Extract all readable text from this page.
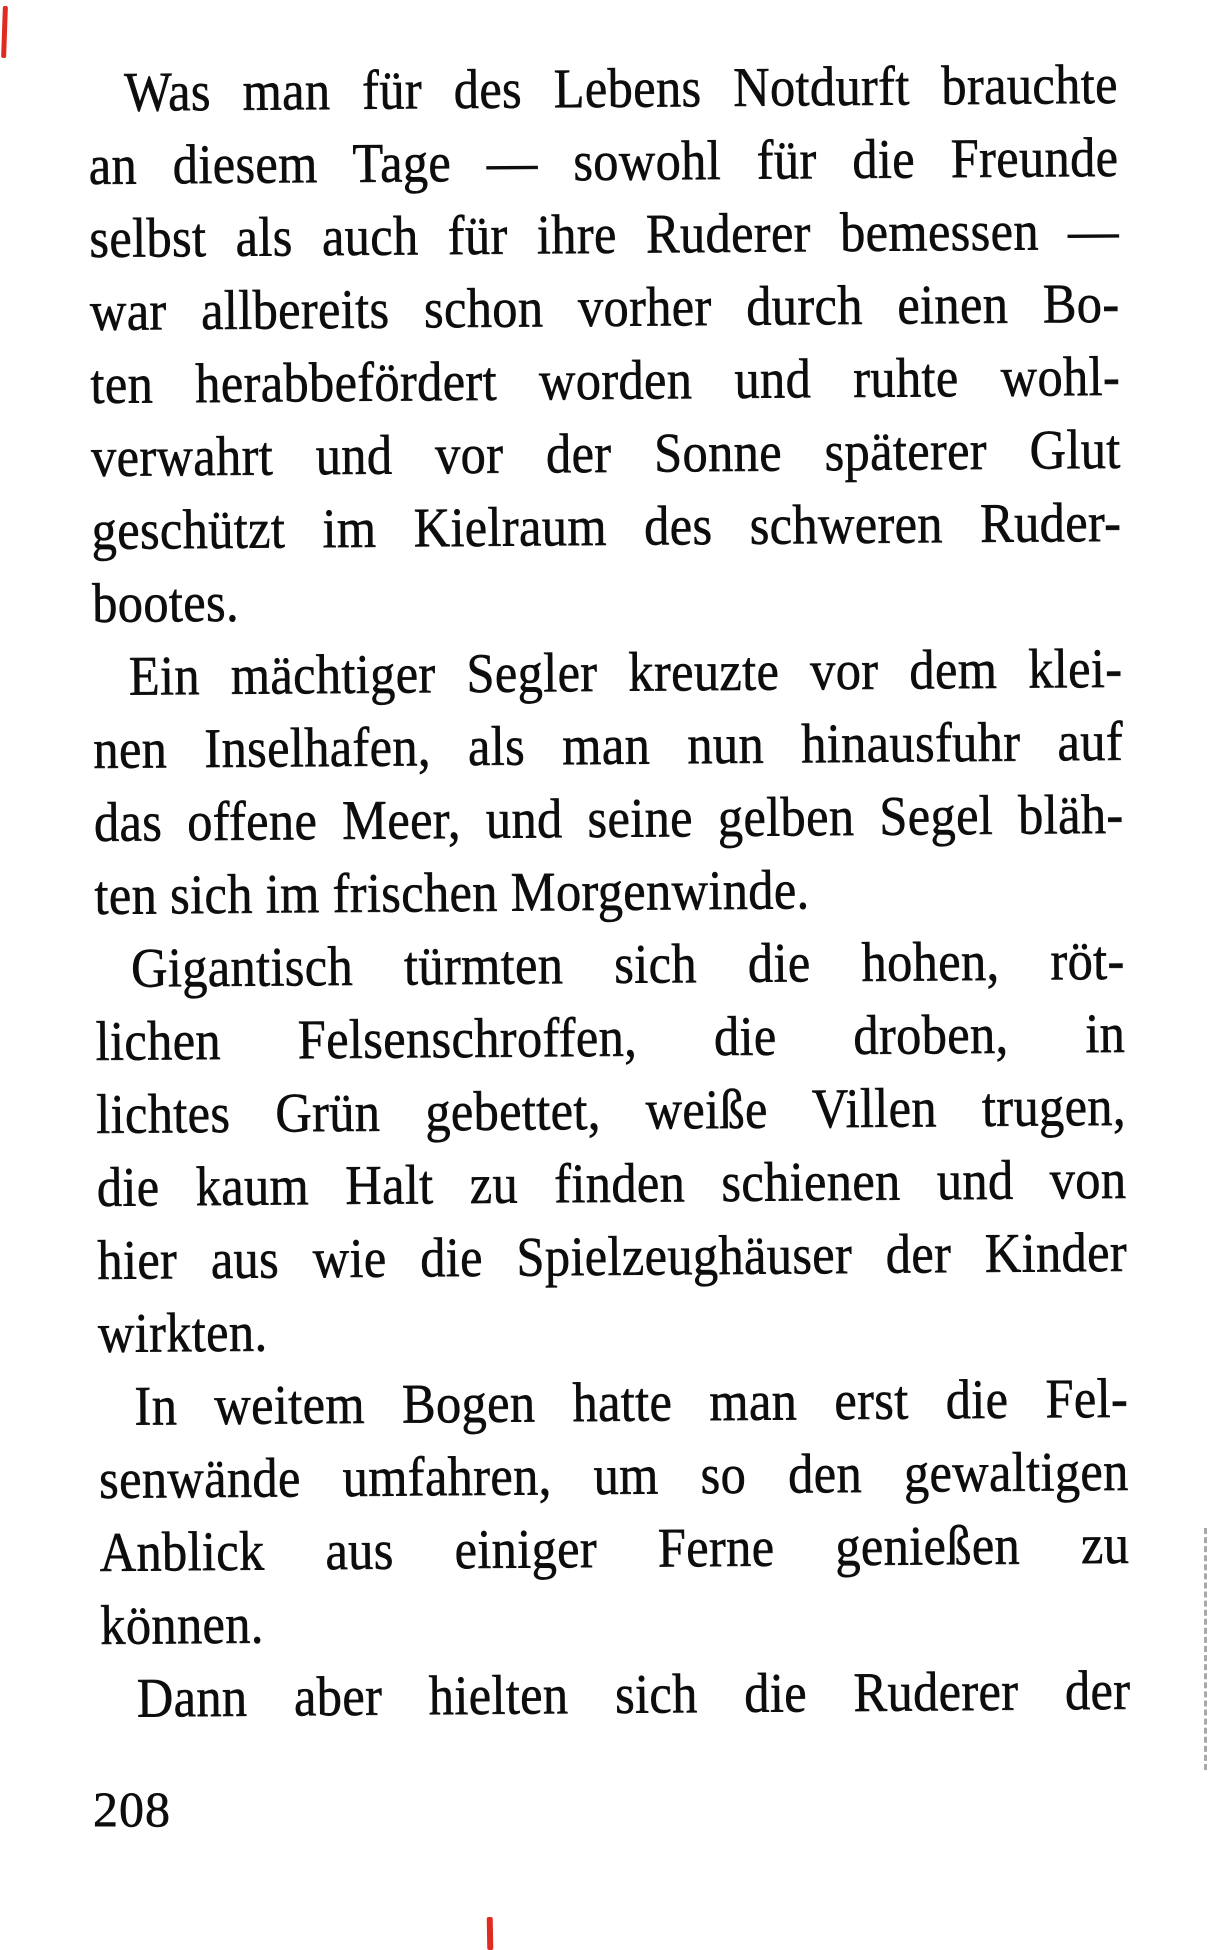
Was man für des Lebens Notdurft brauchte
an diesem Tage — sowohl für die Freunde
selbst als auch für ihre Ruderer bemessen —
war allbereits schon vorher durch einen Bo-
ten herabbefördert worden und ruhte wohl-
verwahrt und vor der Sonne späterer Glut
geschützt im Kielraum des schweren Ruder-
bootes.
Ein mächtiger Segler kreuzte vor dem klei-
nen Inselhafen, als man nun hinausfuhr auf
das offene Meer, und seine gelben Segel bläh-
ten sich im frischen Morgenwinde.
Gigantisch türmten sich die hohen, röt-
lichen Felsenschroffen, die droben, in
lichtes Grün gebettet, weiße Villen trugen,
die kaum Halt zu finden schienen und von
hier aus wie die Spielzeughäuser der Kinder
wirkten.
In weitem Bogen hatte man erst die Fel-
senwände umfahren, um so den gewaltigen
Anblick aus einiger Ferne genießen zu
können.
Dann aber hielten sich die Ruderer der
208
